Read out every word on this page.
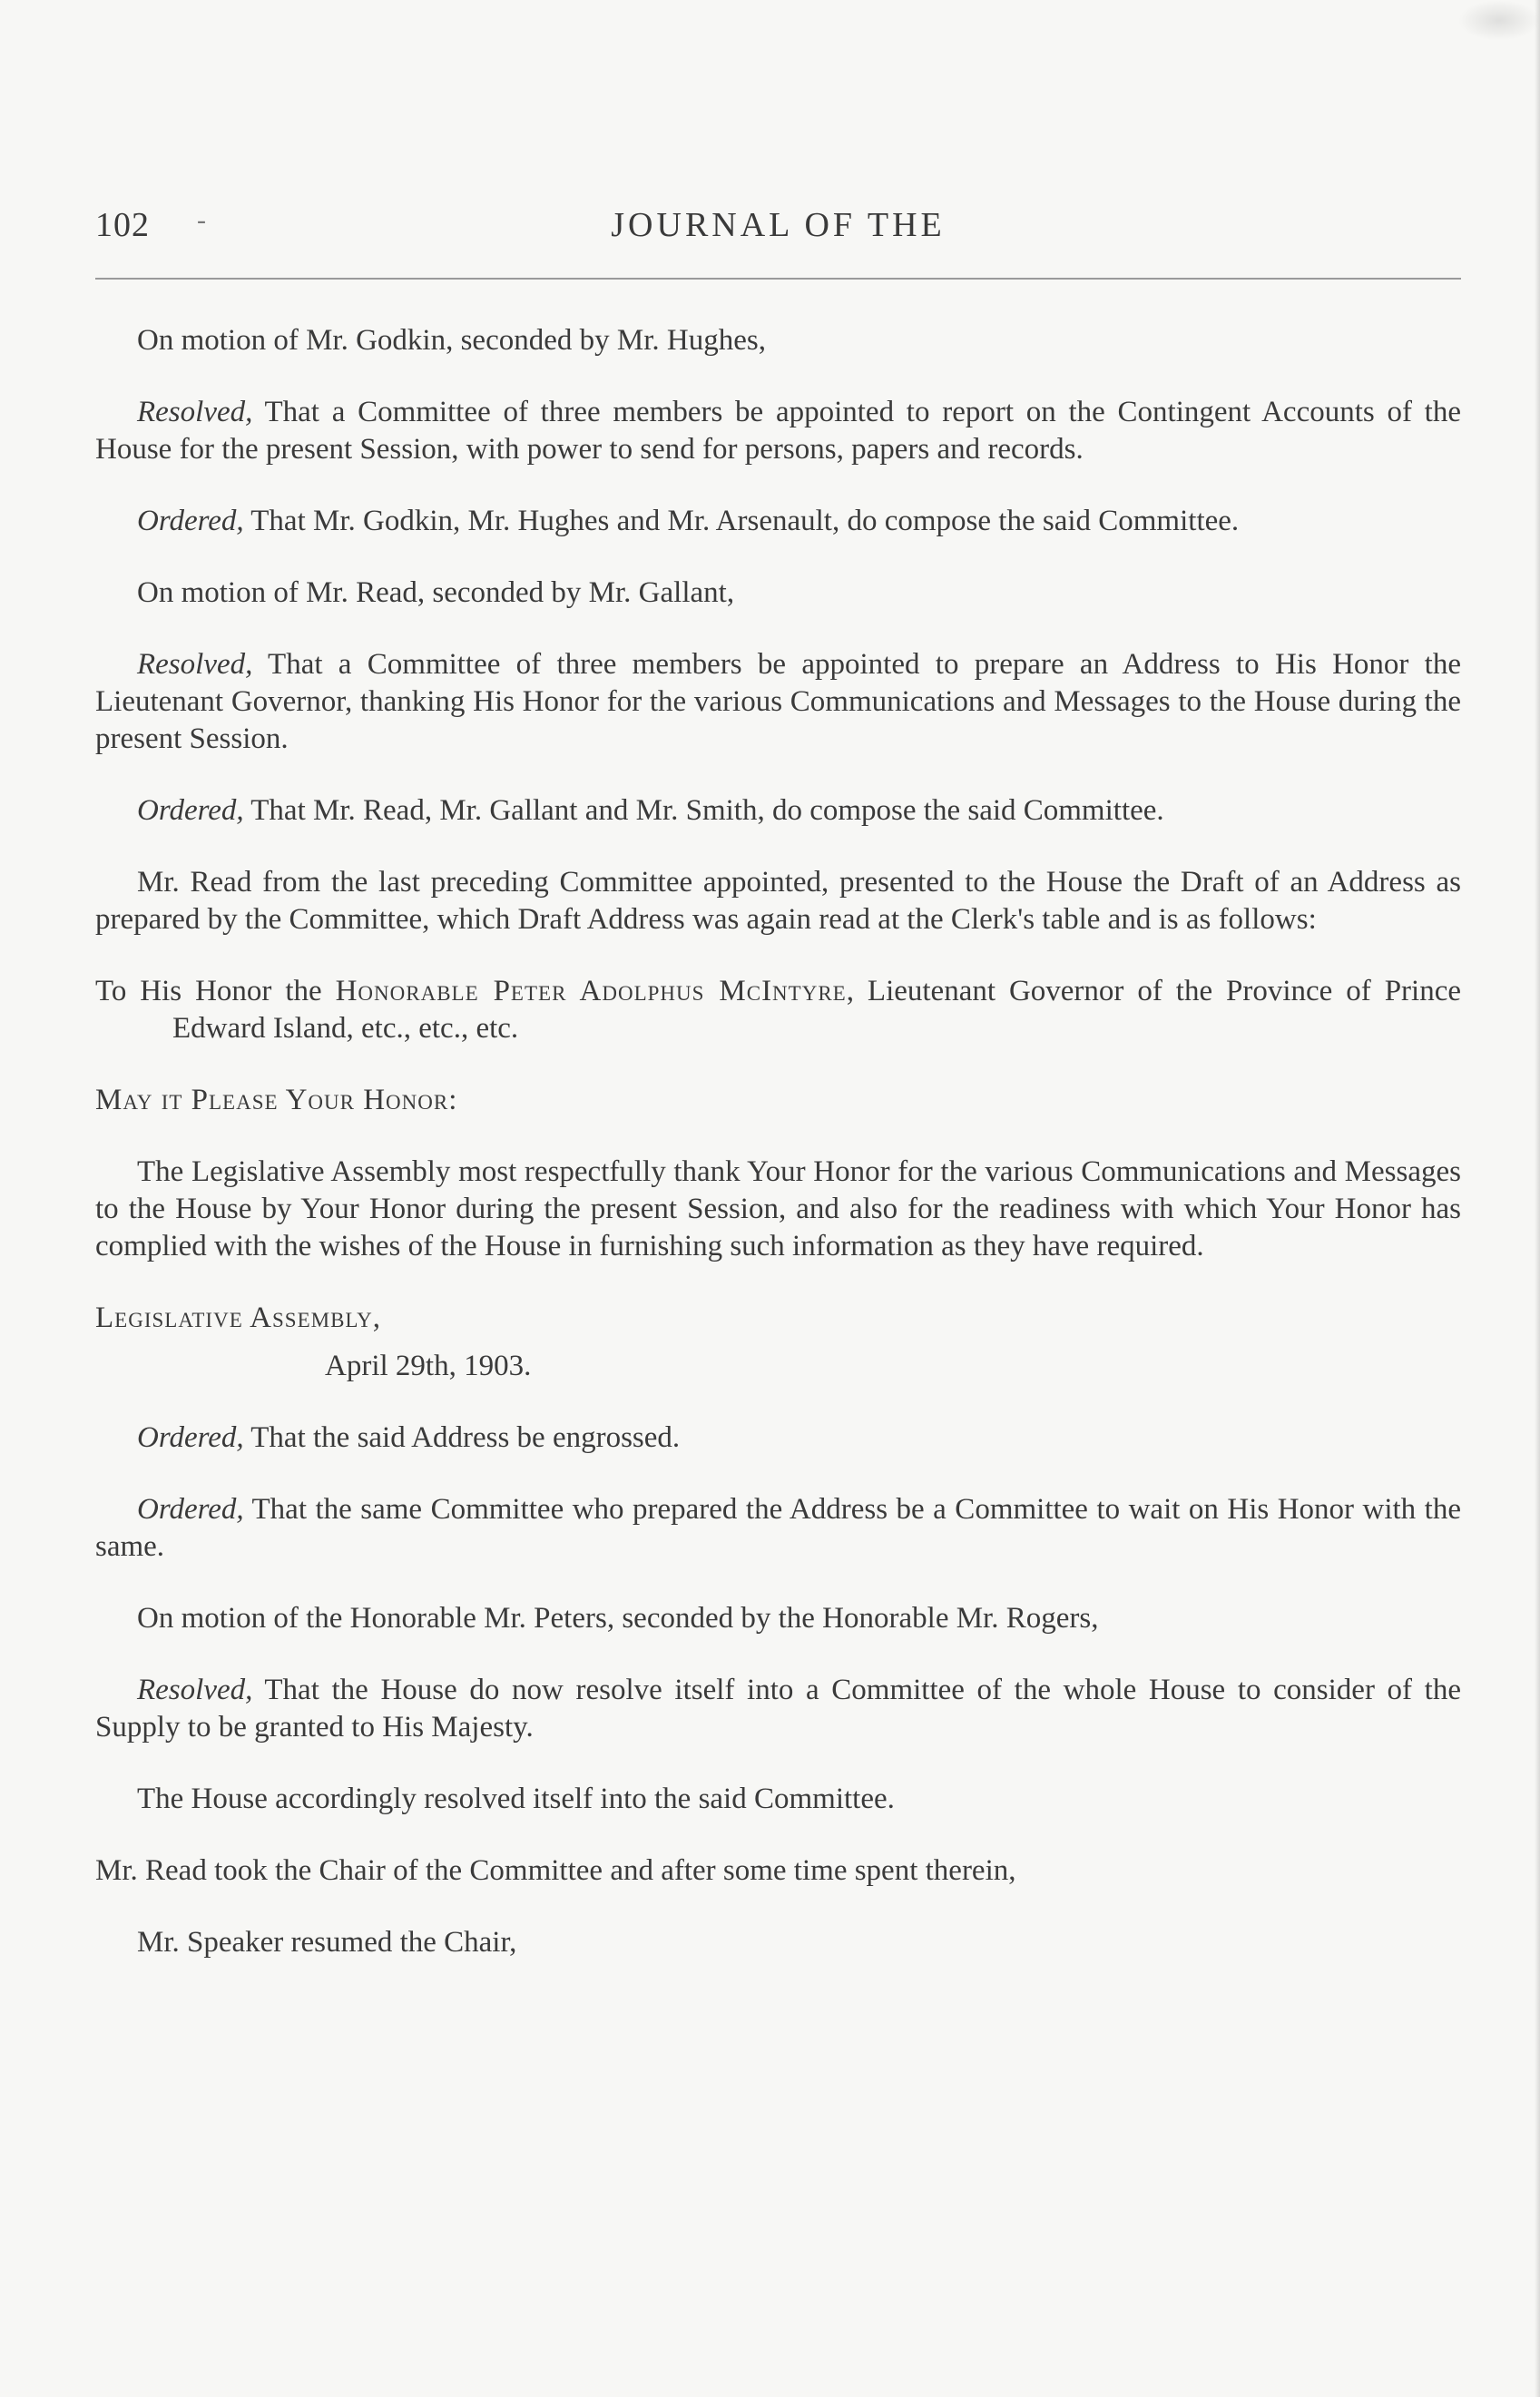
102 -	JOURNAL OF THE

On motion of Mr. Godkin, seconded by Mr. Hughes,

Resolved, That a Committee of three members be appointed to report on the Contingent Accounts of the House for the present Session, with power to send for persons, papers and records.

Ordered, That Mr. Godkin, Mr. Hughes and Mr. Arsenault, do compose the said Committee.

On motion of Mr. Read, seconded by Mr. Gallant,

Resolved, That a Committee of three members be appointed to prepare an Address to His Honor the Lieutenant Governor, thanking His Honor for the various Communications and Messages to the House during the present Session.

Ordered, That Mr. Read, Mr. Gallant and Mr. Smith, do compose the said Committee.

Mr. Read from the last preceding Committee appointed, presented to the House the Draft of an Address as prepared by the Committee, which Draft Address was again read at the Clerk's table and is as follows:

To His Honor the Honorable Peter Adolphus McIntyre, Lieutenant Governor of the Province of Prince Edward Island, etc., etc., etc.

May it Please Your Honor:

The Legislative Assembly most respectfully thank Your Honor for the various Communications and Messages to the House by Your Honor during the present Session, and also for the readiness with which Your Honor has complied with the wishes of the House in furnishing such information as they have required.

Legislative Assembly,

April 29th, 1903.

Ordered, That the said Address be engrossed.

Ordered, That the same Committee who prepared the Address be a Committee to wait on His Honor with the same.

On motion of the Honorable Mr. Peters, seconded by the Honorable Mr. Rogers,

Resolved, That the House do now resolve itself into a Committee of the whole House to consider of the Supply to be granted to His Majesty.

The House accordingly resolved itself into the said Committee.

Mr. Read took the Chair of the Committee and after some time spent therein,

Mr. Speaker resumed the Chair,
